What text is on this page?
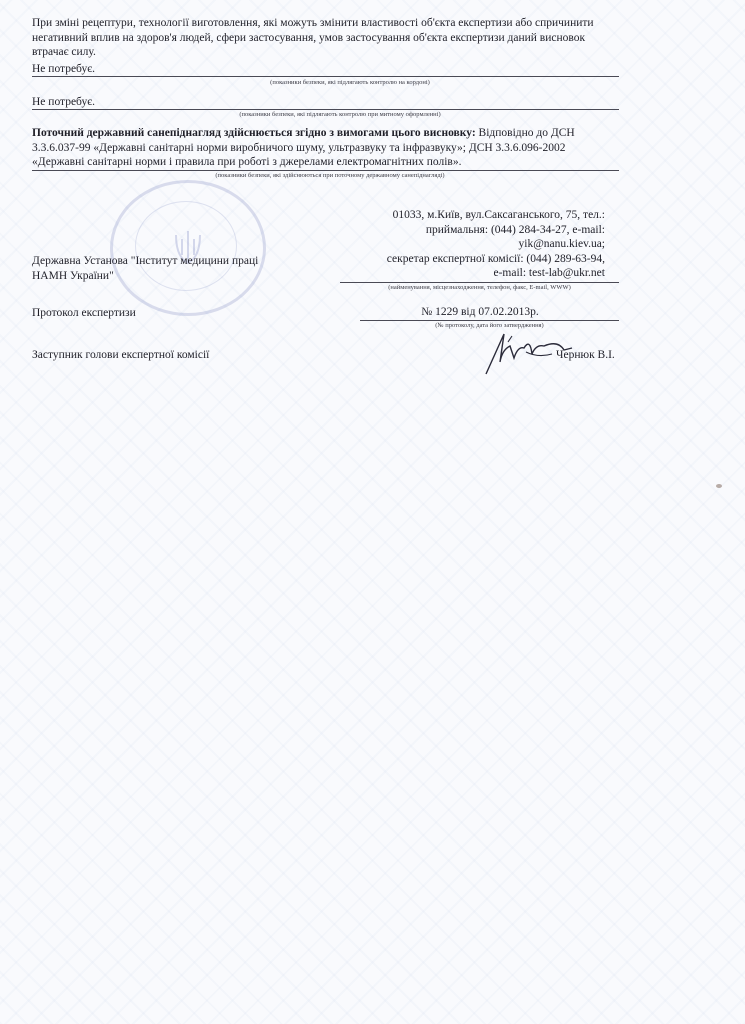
При зміні рецептури, технології виготовлення, які можуть змінити властивості об'єкта експертизи або спричинити негативний вплив на здоров'я людей, сфери застосування, умов застосування об'єкта експертизи даний висновок втрачає силу.
Не потребує.
(показники безпеки, які підлягають контролю на кордоні)
Не потребує.
(показники безпеки, які підлягають контролю при митному оформленні)
Поточний державний санепіднагляд здійснюється згідно з вимогами цього висновку: Відповідно до ДСН 3.3.6.037-99 «Державні санітарні норми виробничого шуму, ультразвуку та інфразвуку»; ДСН 3.3.6.096-2002 «Державні санітарні норми і правила при роботі з джерелами електромагнітних полів».
(показники безпеки, які здійснюються при поточному державному санепіднагляді)
Державна Установа "Інститут медицини праці
НАМН України"
01033, м.Київ, вул.Саксаганського, 75, тел.:
приймальня: (044) 284-34-27, e-mail:
yik@nanu.kiev.ua;
секретар експертної комісії: (044) 289-63-94,
e-mail: test-lab@ukr.net
(найменування, місцезнаходження, телефон, факс, E-mail, WWW)
Протокол експертизи	№ 1229 від 07.02.2013р.
(№ протоколу, дата його затвердження)
Заступник голови експертної комісії	Чернюк В.І.
